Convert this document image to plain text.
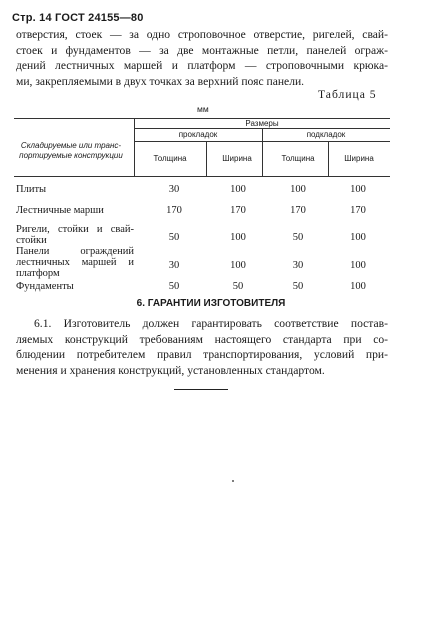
Стр. 14 ГОСТ 24155—80
отверстия, стоек — за одно строповочное отверстие, ригелей, свай-
стоек и фундаментов — за две монтажные петли, панелей ограж-
дений лестничных маршей и платформ — строповочными крюка-
ми, закрепляемыми в двух точках за верхний пояс панели.
Таблица 5
мм
Складируемые или транс-портируемые конструкции
Размеры
прокладок	подкладок
Толщина	Ширина	Толщина	Ширина
Плиты	30	100	100	100
Лестничные марши	170	170	170	170
Ригели, стойки и свай-
стойки	50	100	50	100
Панели ограждений
лестничных маршей и
платформ
30	100	30	100
Фундаменты	50	50	50	100
6. ГАРАНТИИ ИЗГОТОВИТЕЛЯ
6.1. Изготовитель должен гарантировать соответствие постав-
ляемых конструкций требованиям настоящего стандарта при со-
блюдении потребителем правил транспортирования, условий при-
менения и хранения конструкций, установленных стандартом.
